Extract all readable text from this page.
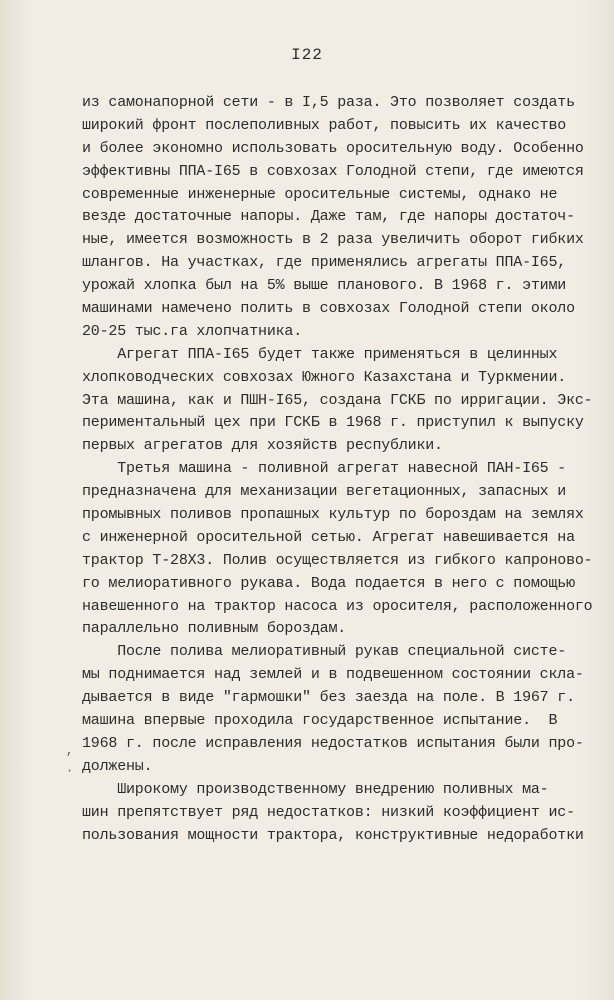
I22
,
·
из самонапорной сети - в I,5 раза. Это позволяет создать
широкий фронт послеполивных работ, повысить их качество
и более экономно использовать оросительную воду. Особенно
эффективны ППА-I65 в совхозах Голодной степи, где имеются
современные инженерные оросительные системы, однако не
везде достаточные напоры. Даже там, где напоры достаточ-
ные, имеется возможность в 2 раза увеличить оборот гибких
шлангов. На участках, где применялись агрегаты ППА-I65,
урожай хлопка был на 5% выше планового. В 1968 г. этими
машинами намечено полить в совхозах Голодной степи около
20-25 тыс.га хлопчатника.
Агрегат ППА-I65 будет также применяться в целинных
хлопководческих совхозах Южного Казахстана и Туркмении.
Эта машина, как и ПШН-I65, создана ГСКБ по ирригации. Экс-
периментальный цех при ГСКБ в 1968 г. приступил к выпуску
первых агрегатов для хозяйств республики.
Третья машина - поливной агрегат навесной ПАН-I65 -
предназначена для механизации вегетационных, запасных и
промывных поливов пропашных культур по бороздам на землях
с инженерной оросительной сетью. Агрегат навешивается на
трактор Т-28Х3. Полив осуществляется из гибкого капроново-
го мелиоративного рукава. Вода подается в него с помощью
навешенного на трактор насоса из оросителя, расположенного
параллельно поливным бороздам.
После полива мелиоративный рукав специальной систе-
мы поднимается над землей и в подвешенном состоянии скла-
дывается в виде "гармошки" без заезда на поле. В 1967 г.
машина впервые проходила государственное испытание.  В
1968 г. после исправления недостатков испытания были про-
должены.
Широкому производственному внедрению поливных ма-
шин препятствует ряд недостатков: низкий коэффициент ис-
пользования мощности трактора, конструктивные недоработки
